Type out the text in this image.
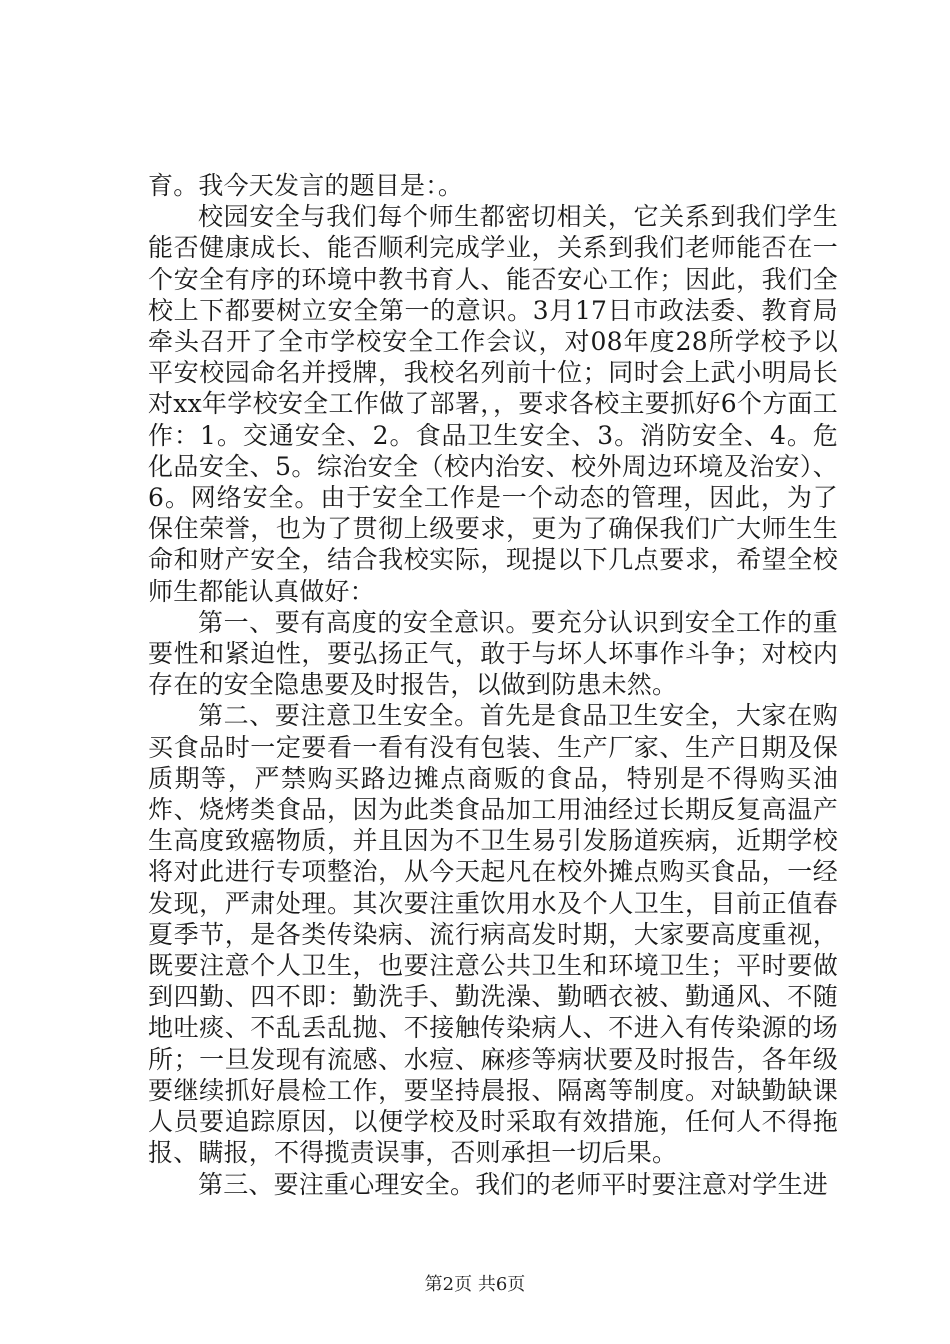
育。我今天发言的题目是：。

校园安全与我们每个师生都密切相关，它关系到我们学生能否健康成长、能否顺利完成学业，关系到我们老师能否在一个安全有序的环境中教书育人、能否安心工作；因此，我们全校上下都要树立安全第一的意识。3月17日市政法委、教育局牵头召开了全市学校安全工作会议，对08年度28所学校予以平安校园命名并授牌，我校名列前十位；同时会上武小明局长对xx年学校安全工作做了部署，，要求各校主要抓好6个方面工作：1。交通安全、2。食品卫生安全、3。消防安全、4。危化品安全、5。综治安全（校内治安、校外周边环境及治安）、6。网络安全。由于安全工作是一个动态的管理，因此，为了保住荣誉，也为了贯彻上级要求，更为了确保我们广大师生生命和财产安全，结合我校实际，现提以下几点要求，希望全校师生都能认真做好：

第一、要有高度的安全意识。要充分认识到安全工作的重要性和紧迫性，要弘扬正气，敢于与坏人坏事作斗争；对校内存在的安全隐患要及时报告，以做到防患未然。

第二、要注意卫生安全。首先是食品卫生安全，大家在购买食品时一定要看一看有没有包装、生产厂家、生产日期及保质期等，严禁购买路边摊点商贩的食品，特别是不得购买油炸、烧烤类食品，因为此类食品加工用油经过长期反复高温产生高度致癌物质，并且因为不卫生易引发肠道疾病，近期学校将对此进行专项整治，从今天起凡在校外摊点购买食品，一经发现，严肃处理。其次要注重饮用水及个人卫生，目前正值春夏季节，是各类传染病、流行病高发时期，大家要高度重视，既要注意个人卫生，也要注意公共卫生和环境卫生；平时要做到四勤、四不即：勤洗手、勤洗澡、勤晒衣被、勤通风、不随地吐痰、不乱丢乱抛、不接触传染病人、不进入有传染源的场所；一旦发现有流感、水痘、麻疹等病状要及时报告，各年级要继续抓好晨检工作，要坚持晨报、隔离等制度。对缺勤缺课人员要追踪原因，以便学校及时采取有效措施，任何人不得拖报、瞒报，不得揽责误事，否则承担一切后果。

第三、要注重心理安全。我们的老师平时要注意对学生进

第2页 共6页
